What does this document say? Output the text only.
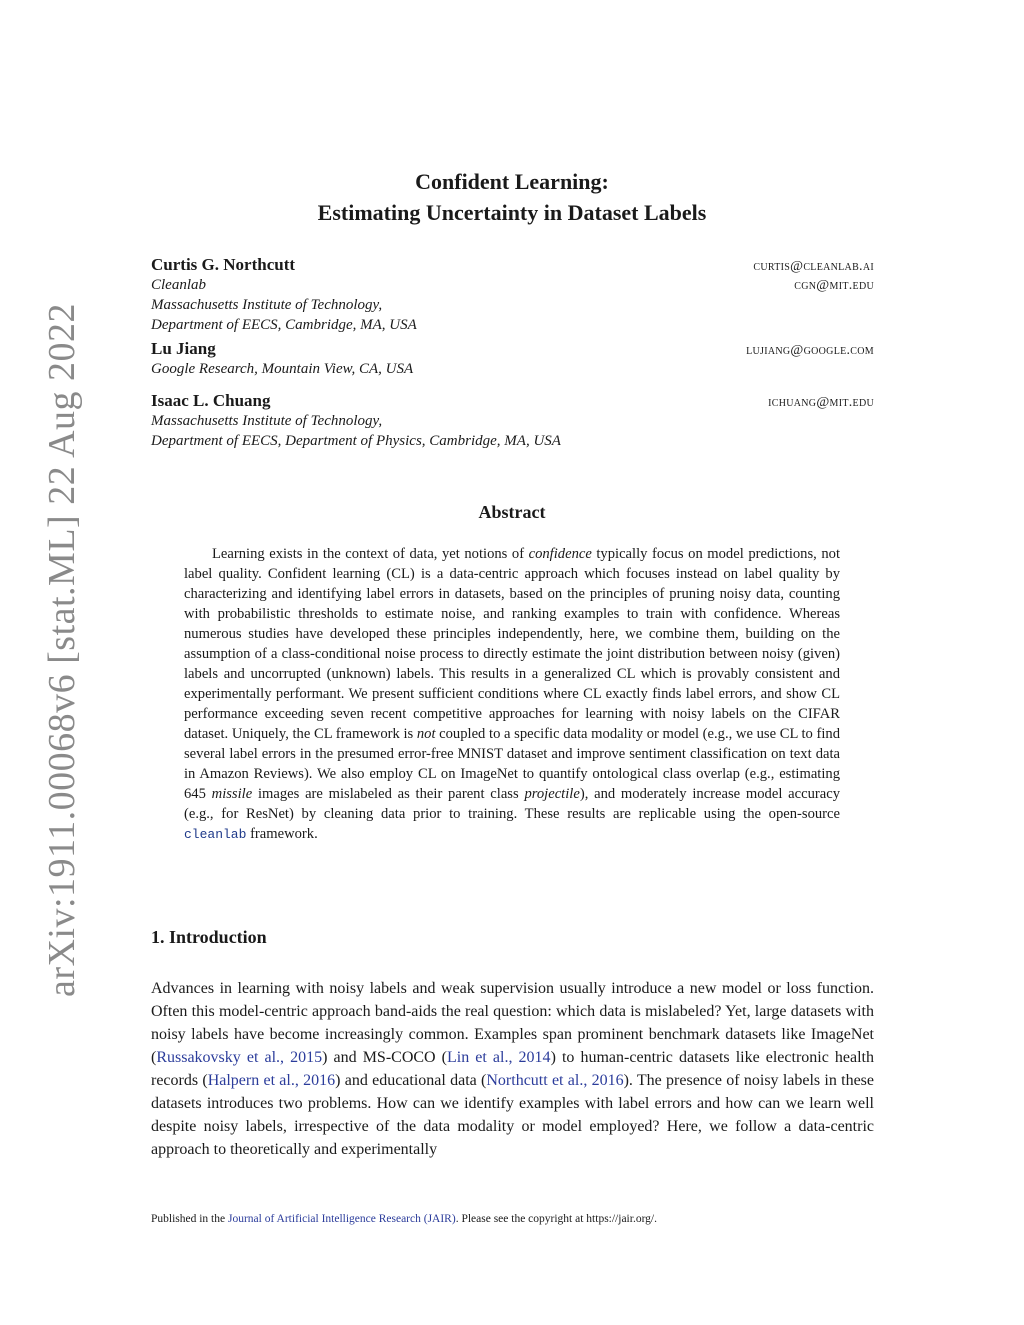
arXiv:1911.00068v6 [stat.ML] 22 Aug 2022
Confident Learning:
Estimating Uncertainty in Dataset Labels
Curtis G. Northcutt	curtis@cleanlab.ai
Cleanlab	cgn@mit.edu
Massachusetts Institute of Technology,
Department of EECS, Cambridge, MA, USA
Lu Jiang	lujiang@google.com
Google Research, Mountain View, CA, USA
Isaac L. Chuang	ichuang@mit.edu
Massachusetts Institute of Technology,
Department of EECS, Department of Physics, Cambridge, MA, USA
Abstract
Learning exists in the context of data, yet notions of confidence typically focus on model predictions, not label quality. Confident learning (CL) is a data-centric approach which focuses instead on label quality by characterizing and identifying label errors in datasets, based on the principles of pruning noisy data, counting with probabilistic thresholds to estimate noise, and ranking examples to train with confidence. Whereas numerous studies have developed these principles independently, here, we combine them, building on the assumption of a class-conditional noise process to directly estimate the joint distribution between noisy (given) labels and uncorrupted (unknown) labels. This results in a generalized CL which is provably consistent and experimentally performant. We present sufficient conditions where CL exactly finds label errors, and show CL performance exceeding seven recent competitive approaches for learning with noisy labels on the CIFAR dataset. Uniquely, the CL framework is not coupled to a specific data modality or model (e.g., we use CL to find several label errors in the presumed error-free MNIST dataset and improve sentiment classification on text data in Amazon Reviews). We also employ CL on ImageNet to quantify ontological class overlap (e.g., estimating 645 missile images are mislabeled as their parent class projectile), and moderately increase model accuracy (e.g., for ResNet) by cleaning data prior to training. These results are replicable using the open-source cleanlab framework.
1. Introduction
Advances in learning with noisy labels and weak supervision usually introduce a new model or loss function. Often this model-centric approach band-aids the real question: which data is mislabeled? Yet, large datasets with noisy labels have become increasingly common. Examples span prominent benchmark datasets like ImageNet (Russakovsky et al., 2015) and MS-COCO (Lin et al., 2014) to human-centric datasets like electronic health records (Halpern et al., 2016) and educational data (Northcutt et al., 2016). The presence of noisy labels in these datasets introduces two problems. How can we identify examples with label errors and how can we learn well despite noisy labels, irrespective of the data modality or model employed? Here, we follow a data-centric approach to theoretically and experimentally
Published in the Journal of Artificial Intelligence Research (JAIR). Please see the copyright at https://jair.org/.
